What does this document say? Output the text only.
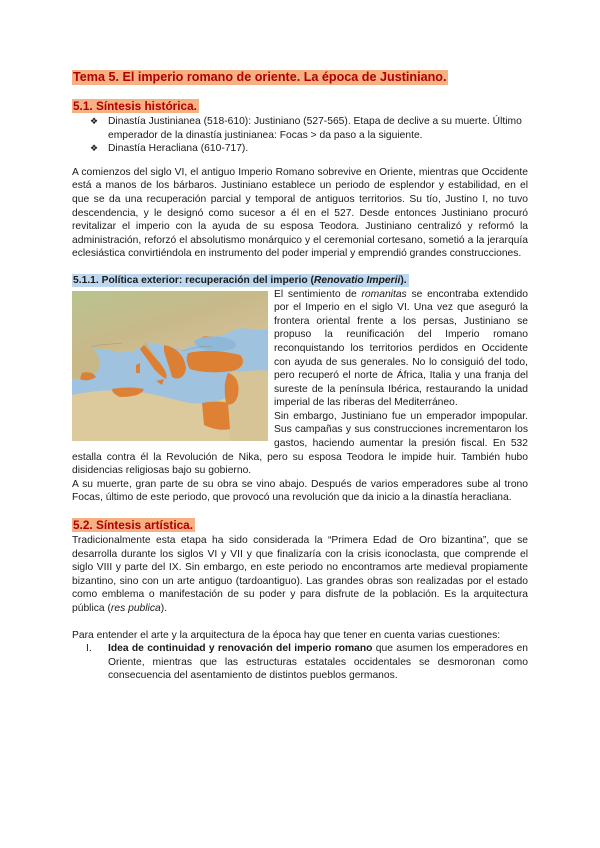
Tema 5. El imperio romano de oriente. La época de Justiniano.
5.1. Síntesis histórica.
❖ Dinastía Justinianea (518-610): Justiniano (527-565). Etapa de declive a su muerte. Último emperador de la dinastía justinianea: Focas > da paso a la siguiente.
❖ Dinastía Heracliana (610-717).

A comienzos del siglo VI, el antiguo Imperio Romano sobrevive en Oriente, mientras que Occidente está a manos de los bárbaros. Justiniano establece un periodo de esplendor y estabilidad, en el que se da una recuperación parcial y temporal de antiguos territorios. Su tío, Justino I, no tuvo descendencia, y le designó como sucesor a él en el 527. Desde entonces Justiniano procuró revitalizar el imperio con la ayuda de su esposa Teodora. Justiniano centralizó y reformó la administración, reforzó el absolutismo monárquico y el ceremonial cortesano, sometió a la jerarquía eclesiástica convirtiéndola en instrumento del poder imperial y emprendió grandes construcciones.

5.1.1. Política exterior: recuperación del imperio (Renovatio Imperii).

El sentimiento de romanitas se encontraba extendido por el Imperio en el siglo VI. Una vez que aseguró la frontera oriental frente a los persas, Justiniano se propuso la reunificación del Imperio romano reconquistando los territorios perdidos en Occidente con ayuda de sus generales. No lo consiguió del todo, pero recuperó el norte de África, Italia y una franja del sureste de la península Ibérica, restaurando la unidad imperial de las riberas del Mediterráneo.

Sin embargo, Justiniano fue un emperador impopular. Sus campañas y sus construcciones incrementaron los gastos, haciendo aumentar la presión fiscal. En 532 estalla contra él la Revolución de Nika, pero su esposa Teodora le impide huir. También hubo disidencias religiosas bajo su gobierno.

A su muerte, gran parte de su obra se vino abajo. Después de varios emperadores sube al trono Focas, último de este periodo, que provocó una revolución que da inicio a la dinastía heracliana.

5.2. Síntesis artística.

Tradicionalmente esta etapa ha sido considerada la “Primera Edad de Oro bizantina”, que se desarrolla durante los siglos VI y VII y que finalizaría con la crisis iconoclasta, que comprende el siglo VIII y parte del IX. Sin embargo, en este periodo no encontramos arte medieval propiamente bizantino, sino con un arte antiguo (tardoantiguo). Las grandes obras son realizadas por el estado como emblema o manifestación de su poder y para disfrute de la población. Es la arquitectura pública (res publica).

Para entender el arte y la arquitectura de la época hay que tener en cuenta varias cuestiones:

I. Idea de continuidad y renovación del imperio romano que asumen los emperadores en Oriente, mientras que las estructuras estatales occidentales se desmoronan como consecuencia del asentamiento de distintos pueblos germanos.
